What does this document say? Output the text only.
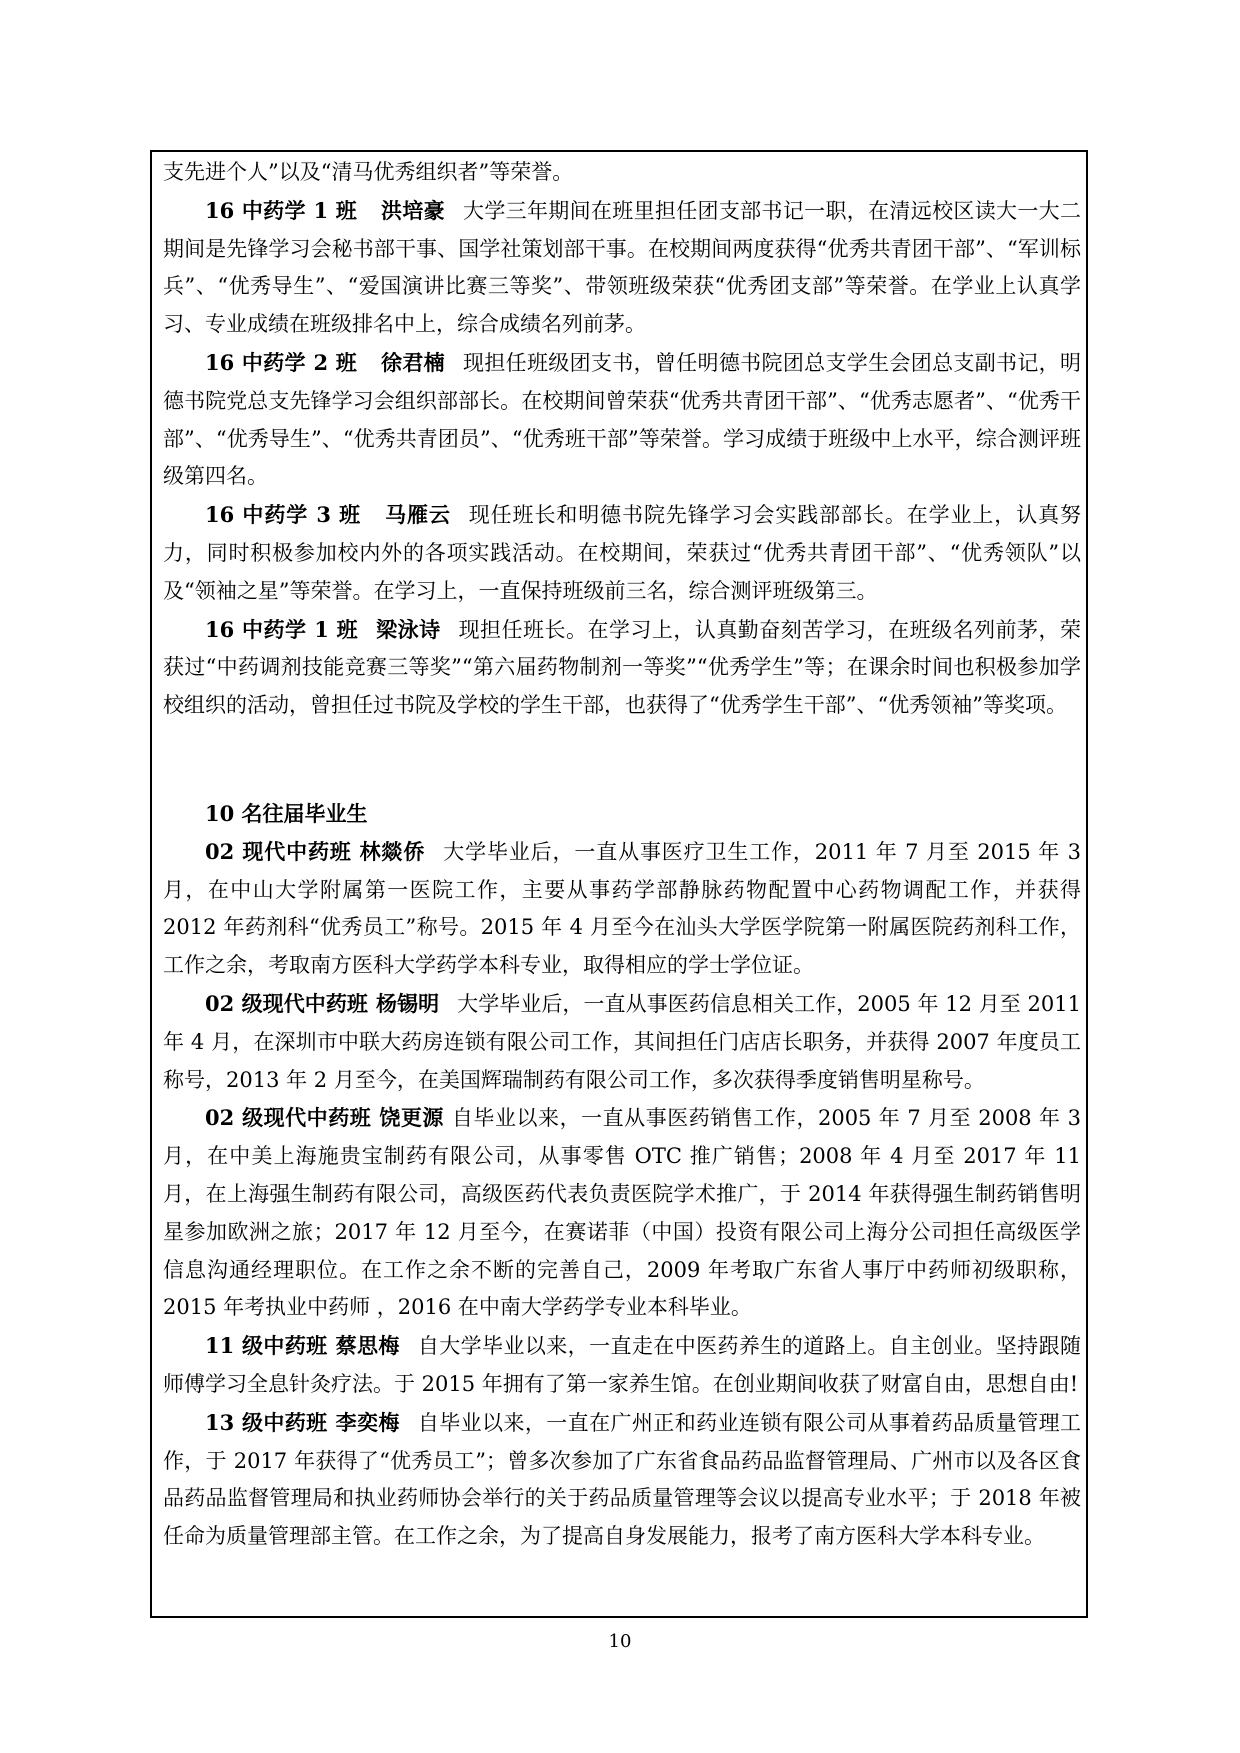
支先进个人”以及“清马优秀组织者”等荣誉。

16 中药学 1 班 洪培豪 大学三年期间在班里担任团支部书记一职，在清远校区读大一大二期间是先锋学习会秘书部干事、国学社策划部干事。在校期间两度获得“优秀共青团干部”、“军训标兵”、“优秀导生”、“爱国演讲比赛三等奖”、带领班级荣获“优秀团支部”等荣誉。在学业上认真学习、专业成绩在班级排名中上，综合成绩名列前茅。

16 中药学 2 班 徐君楠 现担任班级团支书，曾任明德书院团总支学生会团总支副书记，明德书院党总支先锋学习会组织部部长。在校期间曾荣获“优秀共青团干部”、“优秀志愿者”、“优秀干部”、“优秀导生”、“优秀共青团员”、“优秀班干部”等荣誉。学习成绩于班级中上水平，综合测评班级第四名。

16 中药学 3 班 马雁云 现任班长和明德书院先锋学习会实践部部长。在学业上，认真努力，同时积极参加校内外的各项实践活动。在校期间，荣获过“优秀共青团干部”、“优秀领队”以及“领袖之星”等荣誉。在学习上，一直保持班级前三名，综合测评班级第三。

16 中药学 1 班 梁泳诗 现担任班长。在学习上，认真勤奋刻苦学习，在班级名列前茅，荣获过“中药调剂技能竞赛三等奖”“第六届药物制剂一等奖”“优秀学生”等；在课余时间也积极参加学校组织的活动，曾担任过书院及学校的学生干部，也获得了“优秀学生干部”、“优秀领袖”等奖项。

10 名往届毕业生

02 现代中药班 林燚侨 大学毕业后，一直从事医疗卫生工作，2011 年 7 月至 2015 年 3 月，在中山大学附属第一医院工作，主要从事药学部静脉药物配置中心药物调配工作，并获得 2012 年药剂科“优秀员工”称号。2015 年 4 月至今在汕头大学医学院第一附属医院药剂科工作，工作之余，考取南方医科大学药学本科专业，取得相应的学士学位证。

02 级现代中药班 杨锡明 大学毕业后，一直从事医药信息相关工作，2005 年 12 月至 2011 年 4 月，在深圳市中联大药房连锁有限公司工作，其间担任门店店长职务，并获得 2007 年度员工称号，2013 年 2 月至今，在美国辉瑞制药有限公司工作，多次获得季度销售明星称号。

02 级现代中药班 饶更源 自毕业以来，一直从事医药销售工作，2005 年 7 月至 2008 年 3 月，在中美上海施贵宝制药有限公司，从事零售 OTC 推广销售；2008 年 4 月至 2017 年 11 月，在上海强生制药有限公司，高级医药代表负责医院学术推广，于 2014 年获得强生制药销售明星参加欧洲之旅；2017 年 12 月至今，在赛诺菲（中国）投资有限公司上海分公司担任高级医学信息沟通经理职位。在工作之余不断的完善自己，2009 年考取广东省人事厅中药师初级职称，2015 年考执业中药师 ，2016 在中南大学药学专业本科毕业。

11 级中药班 蔡思梅 自大学毕业以来，一直走在中医药养生的道路上。自主创业。坚持跟随师傅学习全息针灸疗法。于 2015 年拥有了第一家养生馆。在创业期间收获了财富自由，思想自由!

13 级中药班 李奕梅 自毕业以来，一直在广州正和药业连锁有限公司从事着药品质量管理工作，于 2017 年获得了“优秀员工”；曾多次参加了广东省食品药品监督管理局、广州市以及各区食品药品监督管理局和执业药师协会举行的关于药品质量管理等会议以提高专业水平；于 2018 年被任命为质量管理部主管。在工作之余，为了提高自身发展能力，报考了南方医科大学本科专业。

10
